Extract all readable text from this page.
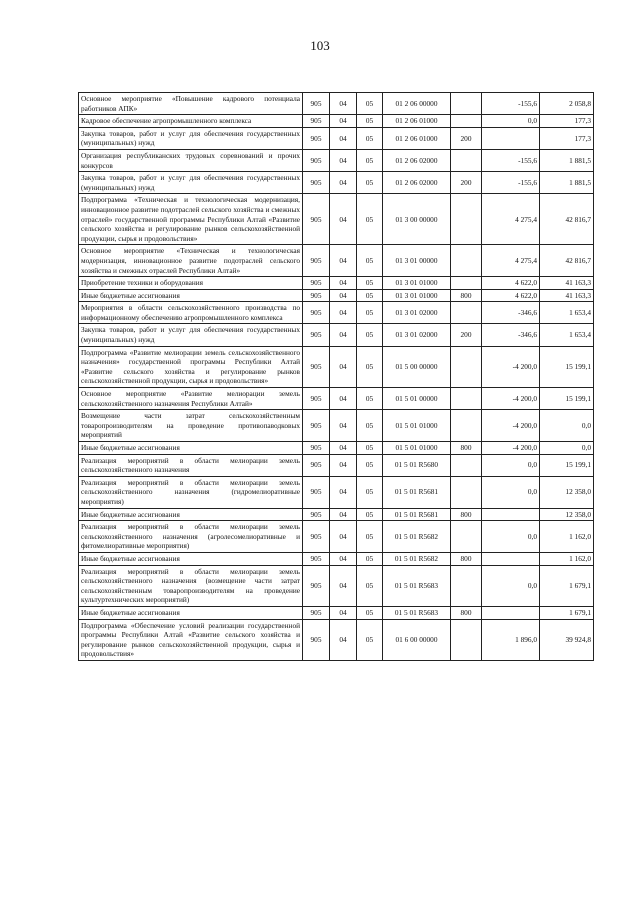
103
Основное мероприятие «Повышение кадрового потенциала работников АПК»	905	04	05	01 2 06 00000		-155,6	2 058,8
Кадровое обеспечение агропромышленного комплекса	905	04	05	01 2 06 01000		0,0	177,3
Закупка товаров, работ и услуг для обеспечения государственных (муниципальных) нужд	905	04	05	01 2 06 01000	200		177,3
Организация республиканских трудовых соревнований и прочих конкурсов	905	04	05	01 2 06 02000		-155,6	1 881,5
Закупка товаров, работ и услуг для обеспечения государственных (муниципальных) нужд	905	04	05	01 2 06 02000	200	-155,6	1 881,5
Подпрограмма «Техническая и технологическая модернизация, инновационное развитие подотраслей сельского хозяйства и смежных отраслей» государственной программы Республики Алтай «Развитие сельского хозяйства и регулирование рынков сельскохозяйственной продукции, сырья и продовольствия»	905	04	05	01 3 00 00000		4 275,4	42 816,7
Основное мероприятие «Техническая и технологическая модернизация, инновационное развитие подотраслей сельского хозяйства и смежных отраслей Республики Алтай»	905	04	05	01 3 01 00000		4 275,4	42 816,7
Приобретение техники и оборудования	905	04	05	01 3 01 01000		4 622,0	41 163,3
Иные бюджетные ассигнования	905	04	05	01 3 01 01000	800	4 622,0	41 163,3
Мероприятия в области сельскохозяйственного производства по информационному обеспечению агропромышленного комплекса	905	04	05	01 3 01 02000		-346,6	1 653,4
Закупка товаров, работ и услуг для обеспечения государственных (муниципальных) нужд	905	04	05	01 3 01 02000	200	-346,6	1 653,4
Подпрограмма «Развитие мелиорации земель сельскохозяйственного назначения» государственной программы Республики Алтай «Развитие сельского хозяйства и регулирование рынков сельскохозяйственной продукции, сырья и продовольствия»	905	04	05	01 5 00 00000		-4 200,0	15 199,1
Основное мероприятие «Развитие мелиорации земель сельскохозяйственного назначения Республики Алтай»	905	04	05	01 5 01 00000		-4 200,0	15 199,1
Возмещение части затрат сельскохозяйственным товаропроизводителям на проведение противопаводковых мероприятий	905	04	05	01 5 01 01000		-4 200,0	0,0
Иные бюджетные ассигнования	905	04	05	01 5 01 01000	800	-4 200,0	0,0
Реализация мероприятий в области мелиорации земель сельскохозяйственного назначения	905	04	05	01 5 01 R5680		0,0	15 199,1
Реализация мероприятий в области мелиорации земель сельскохозяйственного назначения (гидромелиоративные мероприятия)	905	04	05	01 5 01 R5681		0,0	12 358,0
Иные бюджетные ассигнования	905	04	05	01 5 01 R5681	800		12 358,0
Реализация мероприятий в области мелиорации земель сельскохозяйственного назначения (агролесомелиоративные и фитомелиоративные мероприятия)	905	04	05	01 5 01 R5682		0,0	1 162,0
Иные бюджетные ассигнования	905	04	05	01 5 01 R5682	800		1 162,0
Реализация мероприятий в области мелиорации земель сельскохозяйственного назначения (возмещение части затрат сельскохозяйственным товаропроизводителям на проведение культуртехнических мероприятий)	905	04	05	01 5 01 R5683		0,0	1 679,1
Иные бюджетные ассигнования	905	04	05	01 5 01 R5683	800		1 679,1
Подпрограмма «Обеспечение условий реализации государственной программы Республики Алтай «Развитие сельского хозяйства и регулирование рынков сельскохозяйственной продукции, сырья и продовольствия»	905	04	05	01 6 00 00000		1 896,0	39 924,8
